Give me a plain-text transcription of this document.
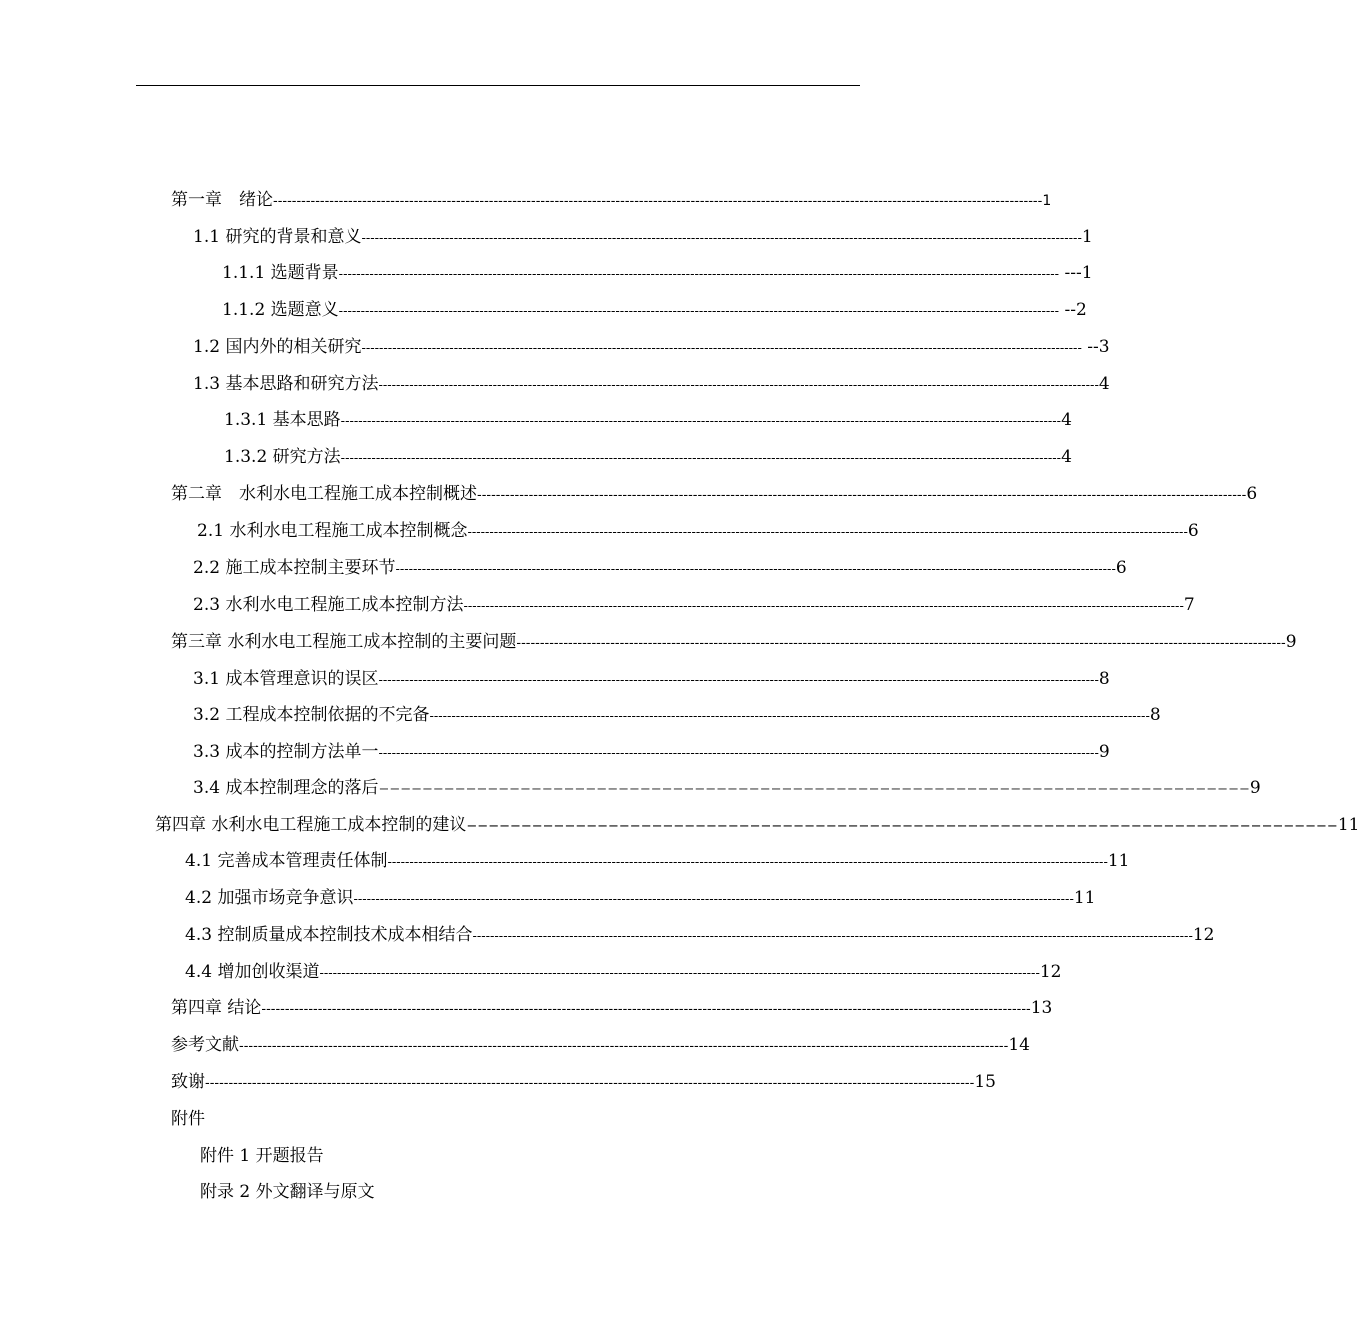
第一章　绪论 -------------------------------------------------------------------------------------------------------------------------------------------------------------------- 1
1.1 研究的背景和意义 -------------------------------------------------------------------------------------------------------------------------------------------------------------------- 1
1.1.1 选题背景 -------------------------------------------------------------------------------------------------------------------------------------------------------------------- ---1
1.1.2 选题意义 -------------------------------------------------------------------------------------------------------------------------------------------------------------------- --2
1.2 国内外的相关研究 -------------------------------------------------------------------------------------------------------------------------------------------------------------------- --3
1.3 基本思路和研究方法 -------------------------------------------------------------------------------------------------------------------------------------------------------------------- 4
1.3.1 基本思路 -------------------------------------------------------------------------------------------------------------------------------------------------------------------- 4
1.3.2 研究方法 -------------------------------------------------------------------------------------------------------------------------------------------------------------------- 4
第二章　水利水电工程施工成本控制概述 -------------------------------------------------------------------------------------------------------------------------------------------------------------------- 6
2.1 水利水电工程施工成本控制概念 -------------------------------------------------------------------------------------------------------------------------------------------------------------------- 6
2.2 施工成本控制主要环节 -------------------------------------------------------------------------------------------------------------------------------------------------------------------- 6
2.3 水利水电工程施工成本控制方法 -------------------------------------------------------------------------------------------------------------------------------------------------------------------- 7
第三章 水利水电工程施工成本控制的主要问题 -------------------------------------------------------------------------------------------------------------------------------------------------------------------- 9
3.1 成本管理意识的误区 -------------------------------------------------------------------------------------------------------------------------------------------------------------------- 8
3.2 工程成本控制依据的不完备 -------------------------------------------------------------------------------------------------------------------------------------------------------------------- 8
3.3 成本的控制方法单一 -------------------------------------------------------------------------------------------------------------------------------------------------------------------- 9
3.4 成本控制理念的落后 −−−−−−−−−−−−−−−−−−−−−−−−−−−−−−−−−−−−−−−−−−−−−−−−−−−−−−−−−−−−−−−−−−−−−−−−−−−−−−−− 9
第四章 水利水电工程施工成本控制的建议 −−−−−−−−−−−−−−−−−−−−−−−−−−−−−−−−−−−−−−−−−−−−−−−−−−−−−−−−−−−−−−−−−−−−−−−−−−−−−−−− 11
4.1 完善成本管理责任体制 -------------------------------------------------------------------------------------------------------------------------------------------------------------------- 11
4.2 加强市场竞争意识 -------------------------------------------------------------------------------------------------------------------------------------------------------------------- 11
4.3 控制质量成本控制技术成本相结合 -------------------------------------------------------------------------------------------------------------------------------------------------------------------- 12
4.4 增加创收渠道 -------------------------------------------------------------------------------------------------------------------------------------------------------------------- 12
第四章 结论 -------------------------------------------------------------------------------------------------------------------------------------------------------------------- 13
参考文献 -------------------------------------------------------------------------------------------------------------------------------------------------------------------- 14
致谢 -------------------------------------------------------------------------------------------------------------------------------------------------------------------- 15
附件
附件 1 开题报告
附录 2 外文翻译与原文
